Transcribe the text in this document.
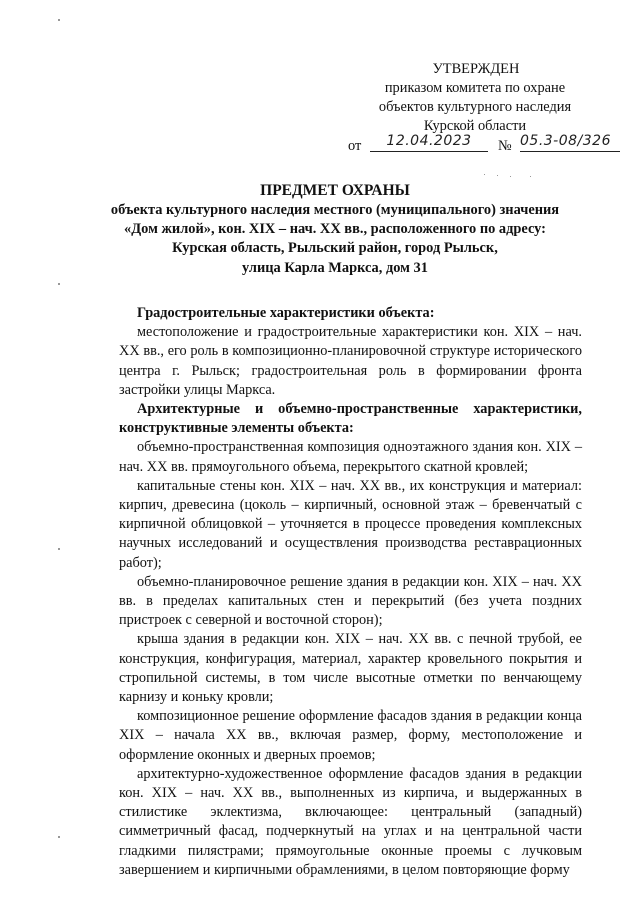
УТВЕРЖДЕН
приказом комитета по охране
объектов культурного наследия
Курской области
от	12.04.2023	№ 05.3-08/326
ПРЕДМЕТ ОХРАНЫ
объекта культурного наследия местного (муниципального) значения
«Дом жилой», кон. XIX – нач. XX вв., расположенного по адресу:
Курская область, Рыльский район, город Рыльск,
улица Карла Маркса, дом 31

Градостроительные характеристики объекта:

местоположение и градостроительные характеристики кон. XIX – нач. XX вв., его роль в композиционно-планировочной структуре исторического центра г. Рыльск; градостроительная роль в формировании фронта застройки улицы Маркса.

Архитектурные и объемно-пространственные характеристики, конструктивные элементы объекта:

объемно-пространственная композиция одноэтажного здания кон. XIX – нач. XX вв. прямоугольного объема, перекрытого скатной кровлей;

капитальные стены кон. XIX – нач. XX вв., их конструкция и материал: кирпич, древесина (цоколь – кирпичный, основной этаж – бревенчатый с кирпичной облицовкой – уточняется в процессе проведения комплексных научных исследований и осуществления производства реставрационных работ);

объемно-планировочное решение здания в редакции кон. XIX – нач. XX вв. в пределах капитальных стен и перекрытий (без учета поздних пристроек с северной и восточной сторон);

крыша здания в редакции кон. XIX – нач. XX вв. с печной трубой, ее конструкция, конфигурация, материал, характер кровельного покрытия и стропильной системы, в том числе высотные отметки по венчающему карнизу и коньку кровли;

композиционное решение оформление фасадов здания в редакции конца XIX – начала XX вв., включая размер, форму, местоположение и оформление оконных и дверных проемов;

архитектурно-художественное оформление фасадов здания в редакции кон. XIX – нач. XX вв., выполненных из кирпича, и выдержанных в стилистике эклектизма, включающее: центральный (западный) симметричный фасад, подчеркнутый на углах и на центральной части гладкими пилястрами; прямоугольные оконные проемы с лучковым завершением и кирпичными обрамлениями, в целом повторяющие форму
